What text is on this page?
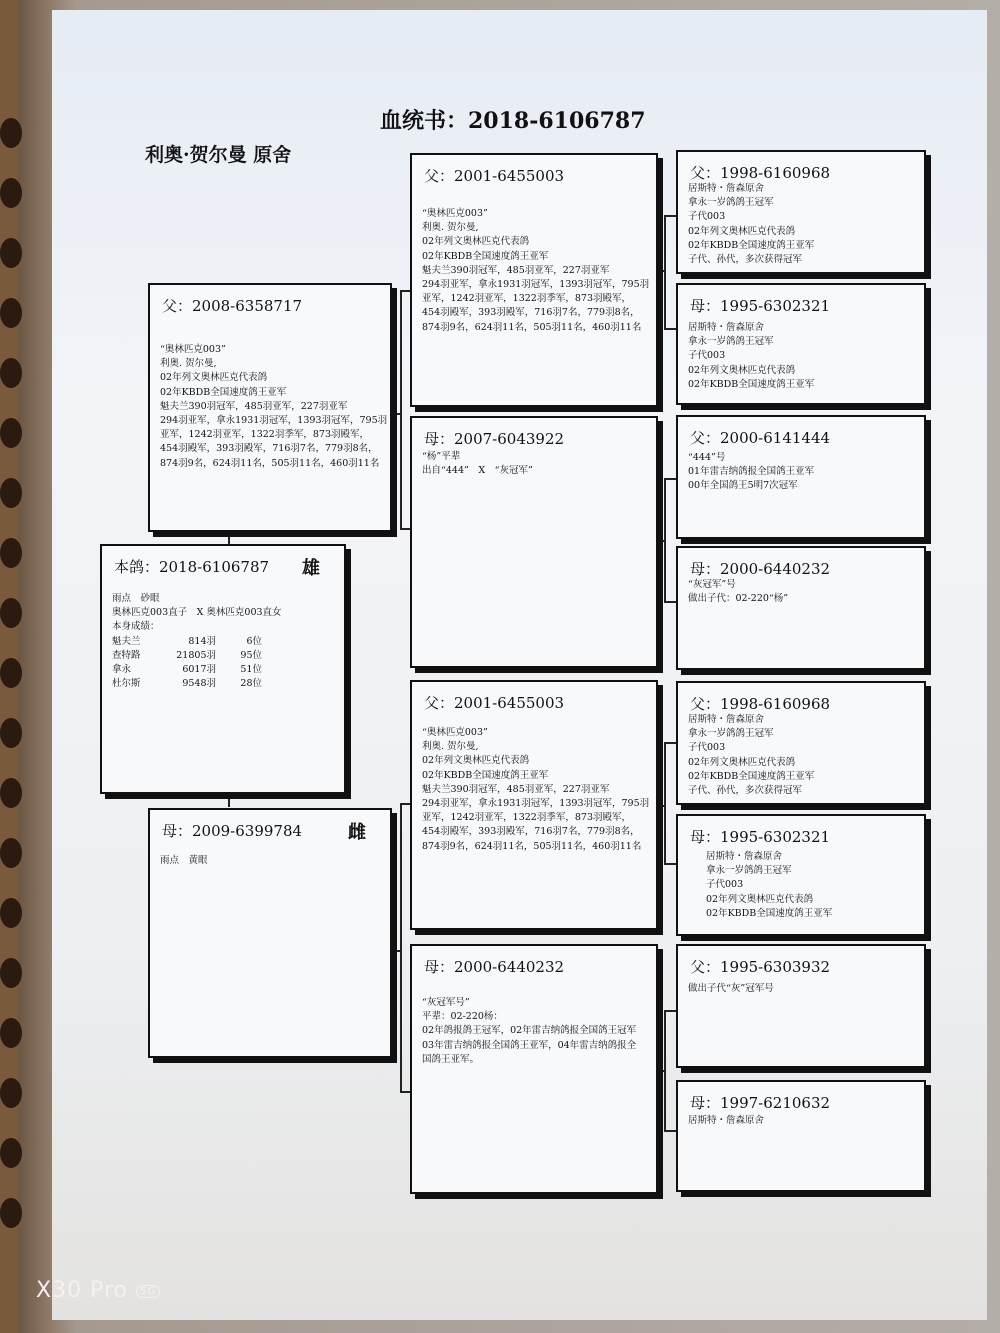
血统书：2018-6106787
利奥·贺尔曼 原舍
本鸽：2018-6106787 雄
雨点　砂眼
奥林匹克003直子　X 奥林匹克003直女
本身成绩：
魁夫兰	814羽	6位
查特路	21805羽	95位
拿永	6017羽	51位
杜尔斯	9548羽	28位
父：2008-6358717
“奥林匹克003”
利奥. 贺尔曼,
02年列文奥林匹克代表鸽
02年KBDB全国速度鸽王亚军
魁夫兰390羽冠军，485羽亚军，227羽亚军
294羽亚军，拿永1931羽冠军，1393羽冠军，795羽
亚军，1242羽亚军，1322羽季军，873羽殿军，
454羽殿军，393羽殿军，716羽7名，779羽8名，
874羽9名，624羽11名，505羽11名，460羽11名
母：2009-6399784	雌
雨点　黄眼
父：2001-6455003
“奥林匹克003”
利奥. 贺尔曼,
02年列文奥林匹克代表鸽
02年KBDB全国速度鸽王亚军
魁夫兰390羽冠军，485羽亚军，227羽亚军
294羽亚军，拿永1931羽冠军，1393羽冠军，795羽
亚军，1242羽亚军，1322羽季军，873羽殿军，
454羽殿军，393羽殿军，716羽7名，779羽8名，
874羽9名，624羽11名，505羽11名，460羽11名
母：2007-6043922
“杨”平辈
出自“444”　X　“灰冠军”
父：2001-6455003
“奥林匹克003”
利奥. 贺尔曼,
02年列文奥林匹克代表鸽
02年KBDB全国速度鸽王亚军
魁夫兰390羽冠军，485羽亚军，227羽亚军
294羽亚军，拿永1931羽冠军，1393羽冠军，795羽
亚军，1242羽亚军，1322羽季军，873羽殿军，
454羽殿军，393羽殿军，716羽7名，779羽8名，
874羽9名，624羽11名，505羽11名，460羽11名
母：2000-6440232
“灰冠军号”
平辈：02-220杨：
02年鸽报鸽王冠军，02年雷吉纳鸽报全国鸽王冠军
03年雷吉纳鸽报全国鸽王亚军，04年雷吉纳鸽报全
国鸽王亚军。
父：1998-6160968
居斯特・詹森原舍
拿永一岁鸽鸽王冠军
子代003
02年列文奥林匹克代表鸽
02年KBDB全国速度鸽王亚军
子代、孙代，多次获得冠军
母：1995-6302321
居斯特・詹森原舍
拿永一岁鸽鸽王冠军
子代003
02年列文奥林匹克代表鸽
02年KBDB全国速度鸽王亚军
父：2000-6141444
“444”号
01年雷吉纳鸽报全国鸽王亚军
00年全国鸽王5明7次冠军
母：2000-6440232
“灰冠军”号
做出子代：02-220“杨”
父：1998-6160968
居斯特・詹森原舍
拿永一岁鸽鸽王冠军
子代003
02年列文奥林匹克代表鸽
02年KBDB全国速度鸽王亚军
子代、孙代，多次获得冠军
母：1995-6302321
居斯特・詹森原舍
拿永一岁鸽鸽王冠军
子代003
02年列文奥林匹克代表鸽
02年KBDB全国速度鸽王亚军
父：1995-6303932
做出子代“灰”冠军号
母：1997-6210632
居斯特・詹森原舍
X30 Pro 5G
